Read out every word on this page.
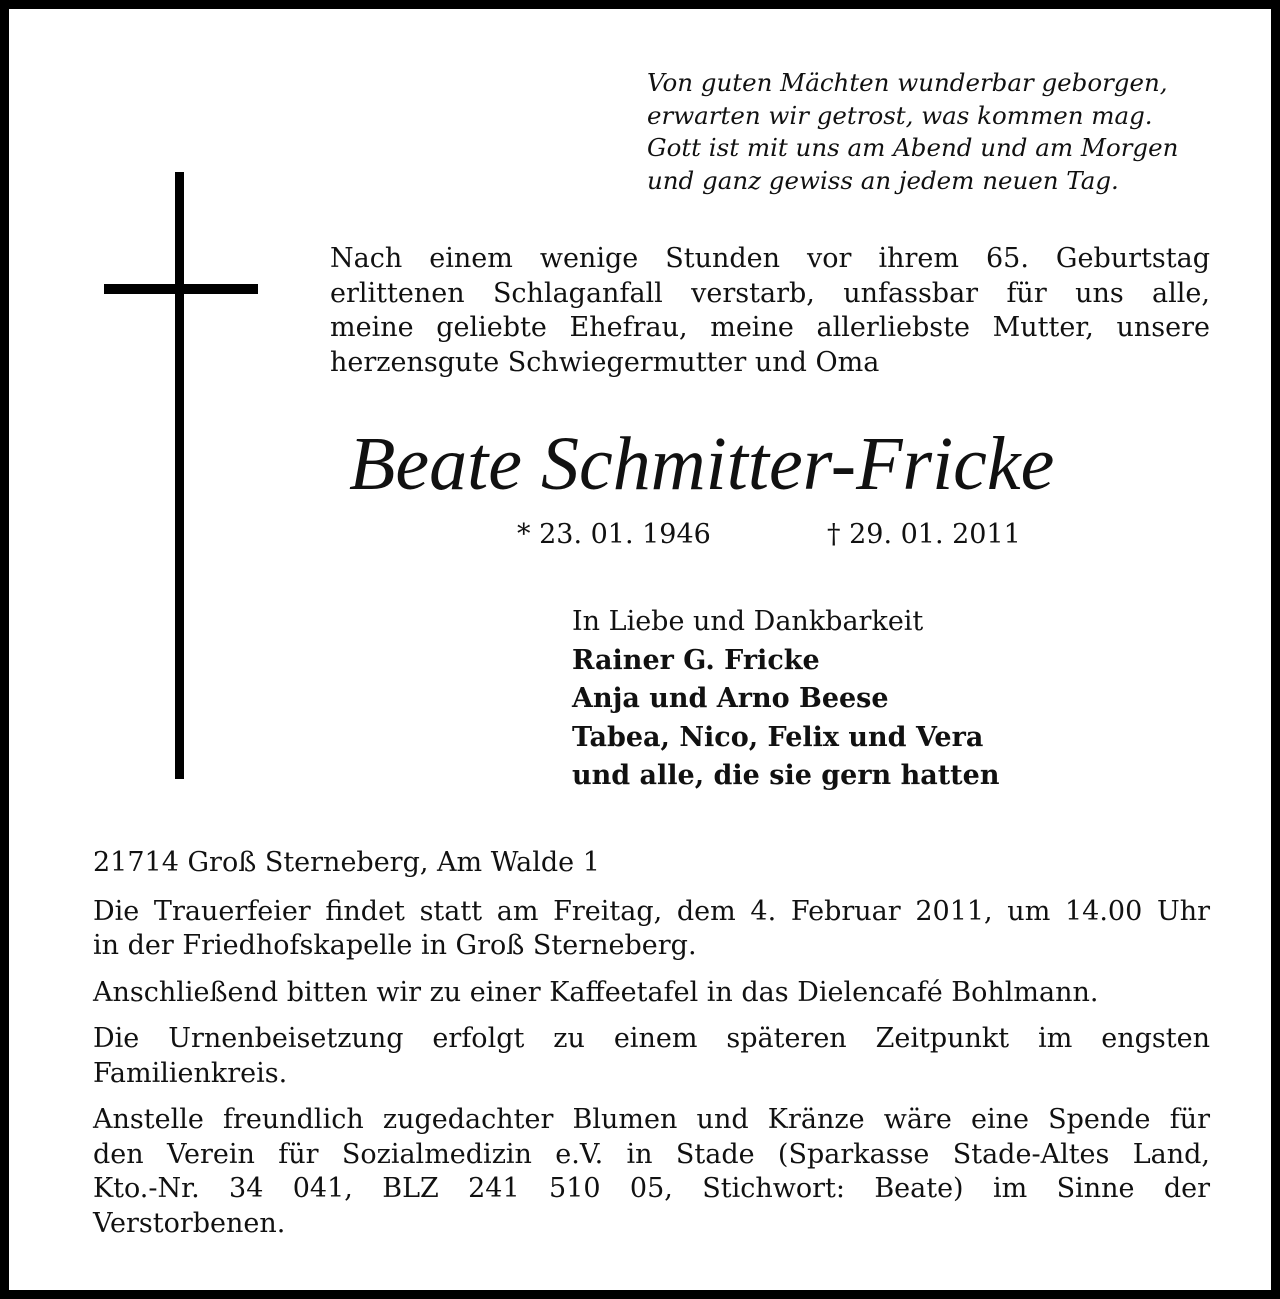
Von guten Mächten wunderbar geborgen,
erwarten wir getrost, was kommen mag.
Gott ist mit uns am Abend und am Morgen
und ganz gewiss an jedem neuen Tag.
Nach einem wenige Stunden vor ihrem 65. Geburtstag
erlittenen Schlaganfall verstarb, unfassbar für uns alle,
meine geliebte Ehefrau, meine allerliebste Mutter, unsere
herzensgute Schwiegermutter und Oma
Beate Schmitter-Fricke
* 23. 01. 1946	† 29. 01. 2011
In Liebe und Dankbarkeit
Rainer G. Fricke
Anja und Arno Beese
Tabea, Nico, Felix und Vera
und alle, die sie gern hatten

21714 Groß Sterneberg, Am Walde 1

Die Trauerfeier findet statt am Freitag, dem 4. Februar 2011, um 14.00 Uhr
in der Friedhofskapelle in Groß Sterneberg.

Anschließend bitten wir zu einer Kaffeetafel in das Dielencafé Bohlmann.

Die Urnenbeisetzung erfolgt zu einem späteren Zeitpunkt im engsten
Familienkreis.

Anstelle freundlich zugedachter Blumen und Kränze wäre eine Spende für
den Verein für Sozialmedizin e.V. in Stade (Sparkasse Stade-Altes Land,
Kto.-Nr. 34 041, BLZ 241 510 05, Stichwort: Beate) im Sinne der
Verstorbenen.
